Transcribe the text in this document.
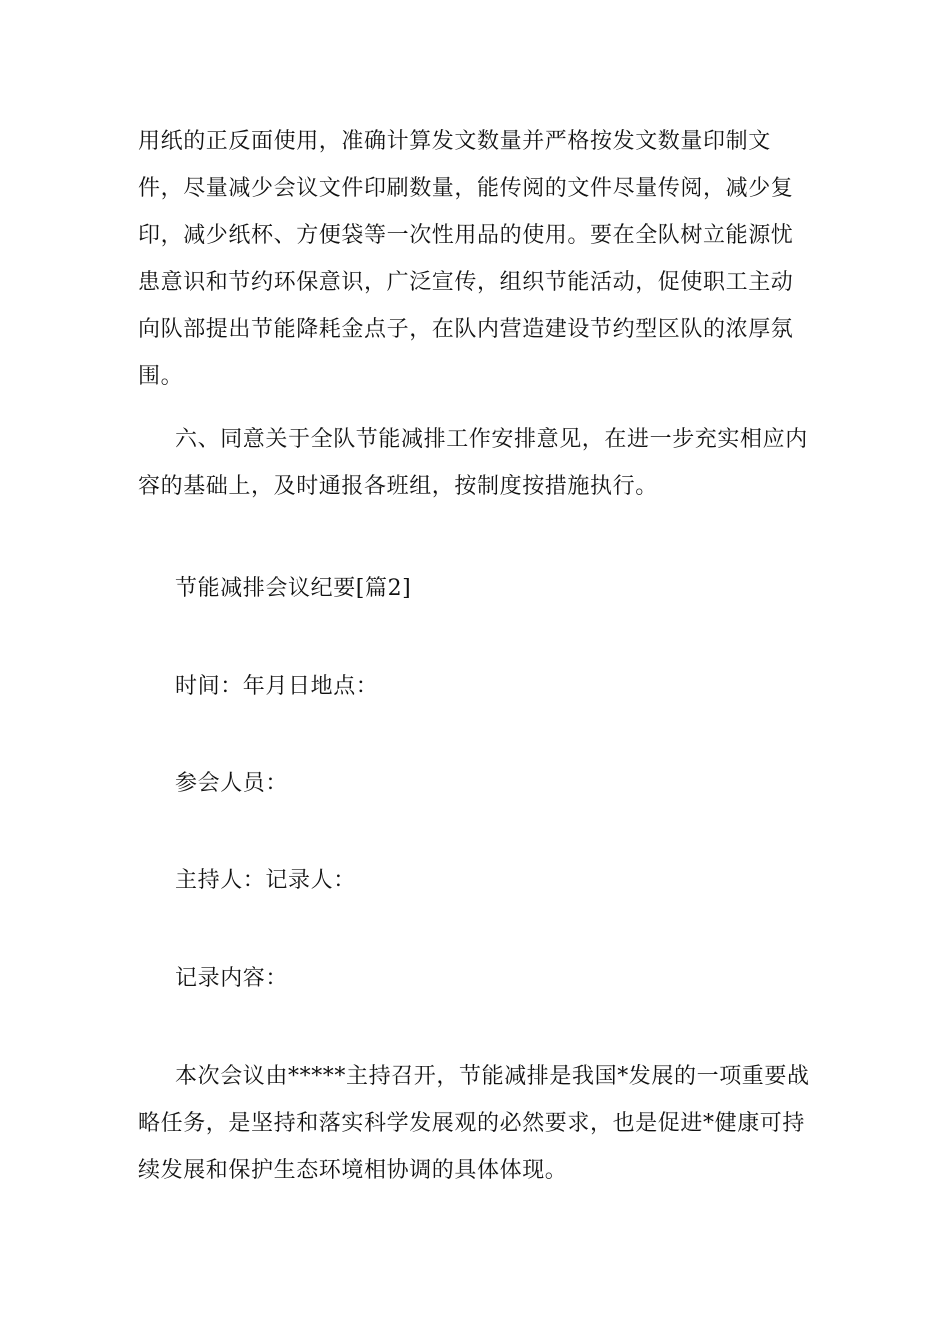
用纸的正反面使用，准确计算发文数量并严格按发文数量印制文件，尽量减少会议文件印刷数量，能传阅的文件尽量传阅，减少复印，减少纸杯、方便袋等一次性用品的使用。要在全队树立能源忧患意识和节约环保意识，广泛宣传，组织节能活动，促使职工主动向队部提出节能降耗金点子，在队内营造建设节约型区队的浓厚氛围。

六、同意关于全队节能减排工作安排意见，在进一步充实相应内容的基础上，及时通报各班组，按制度按措施执行。

节能减排会议纪要[篇2]

时间：年月日地点：

参会人员：

主持人：记录人：

记录内容：

本次会议由*****主持召开，节能减排是我国*发展的一项重要战略任务，是坚持和落实科学发展观的必然要求，也是促进*健康可持续发展和保护生态环境相协调的具体体现。
